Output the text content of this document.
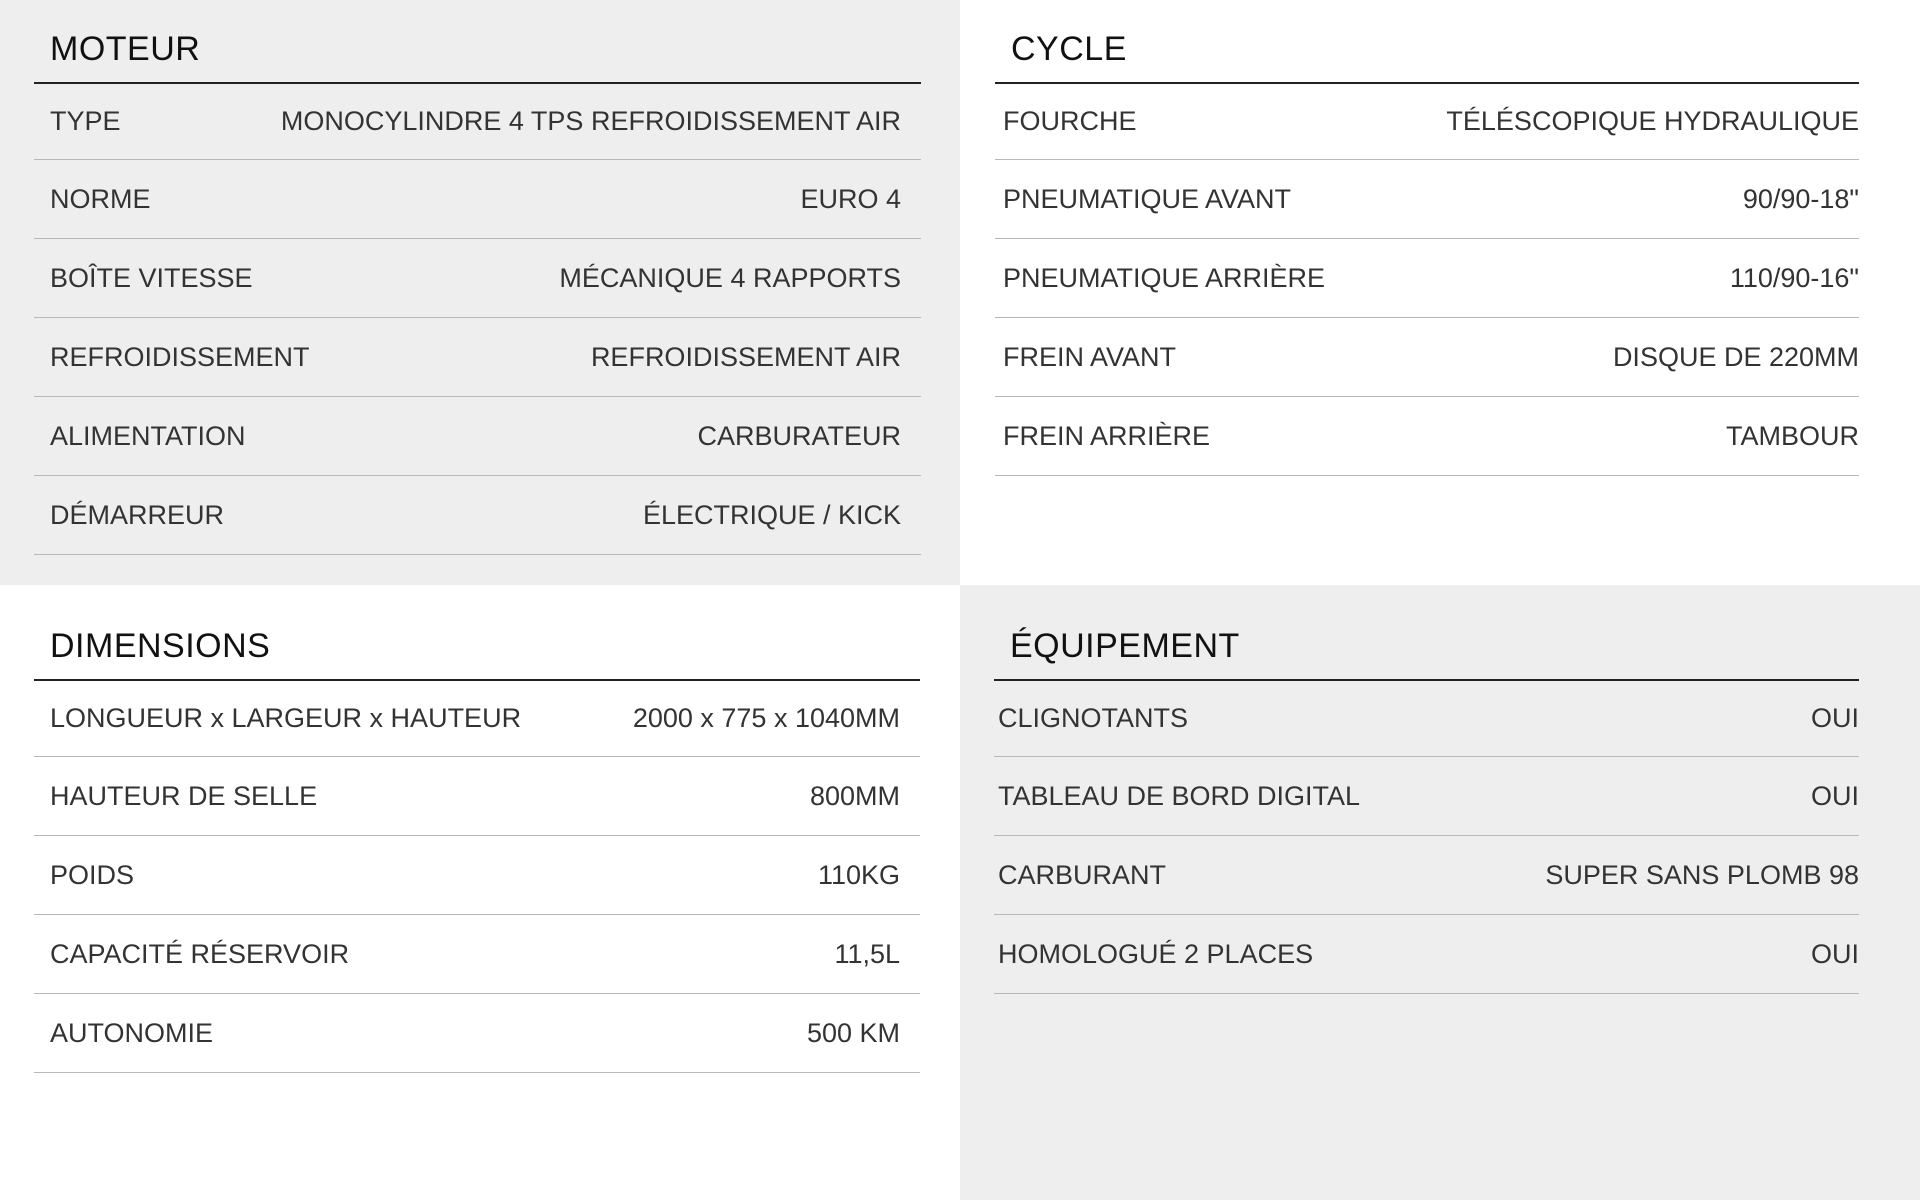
MOTEUR
TYPE	MONOCYLINDRE 4 TPS REFROIDISSEMENT AIR
NORME	EURO 4
BOÎTE VITESSE	MÉCANIQUE 4 RAPPORTS
REFROIDISSEMENT	REFROIDISSEMENT AIR
ALIMENTATION	CARBURATEUR
DÉMARREUR	ÉLECTRIQUE / KICK
CYCLE
FOURCHE	TÉLÉSCOPIQUE HYDRAULIQUE
PNEUMATIQUE AVANT	90/90-18"
PNEUMATIQUE ARRIÈRE	110/90-16"
FREIN AVANT	DISQUE DE 220MM
FREIN ARRIÈRE	TAMBOUR
DIMENSIONS
LONGUEUR x LARGEUR x HAUTEUR	2000 x 775 x 1040MM
HAUTEUR DE SELLE	800MM
POIDS	110KG
CAPACITÉ RÉSERVOIR	11,5L
AUTONOMIE	500 KM
ÉQUIPEMENT
CLIGNOTANTS	OUI
TABLEAU DE BORD DIGITAL	OUI
CARBURANT	SUPER SANS PLOMB 98
HOMOLOGUÉ 2 PLACES	OUI
